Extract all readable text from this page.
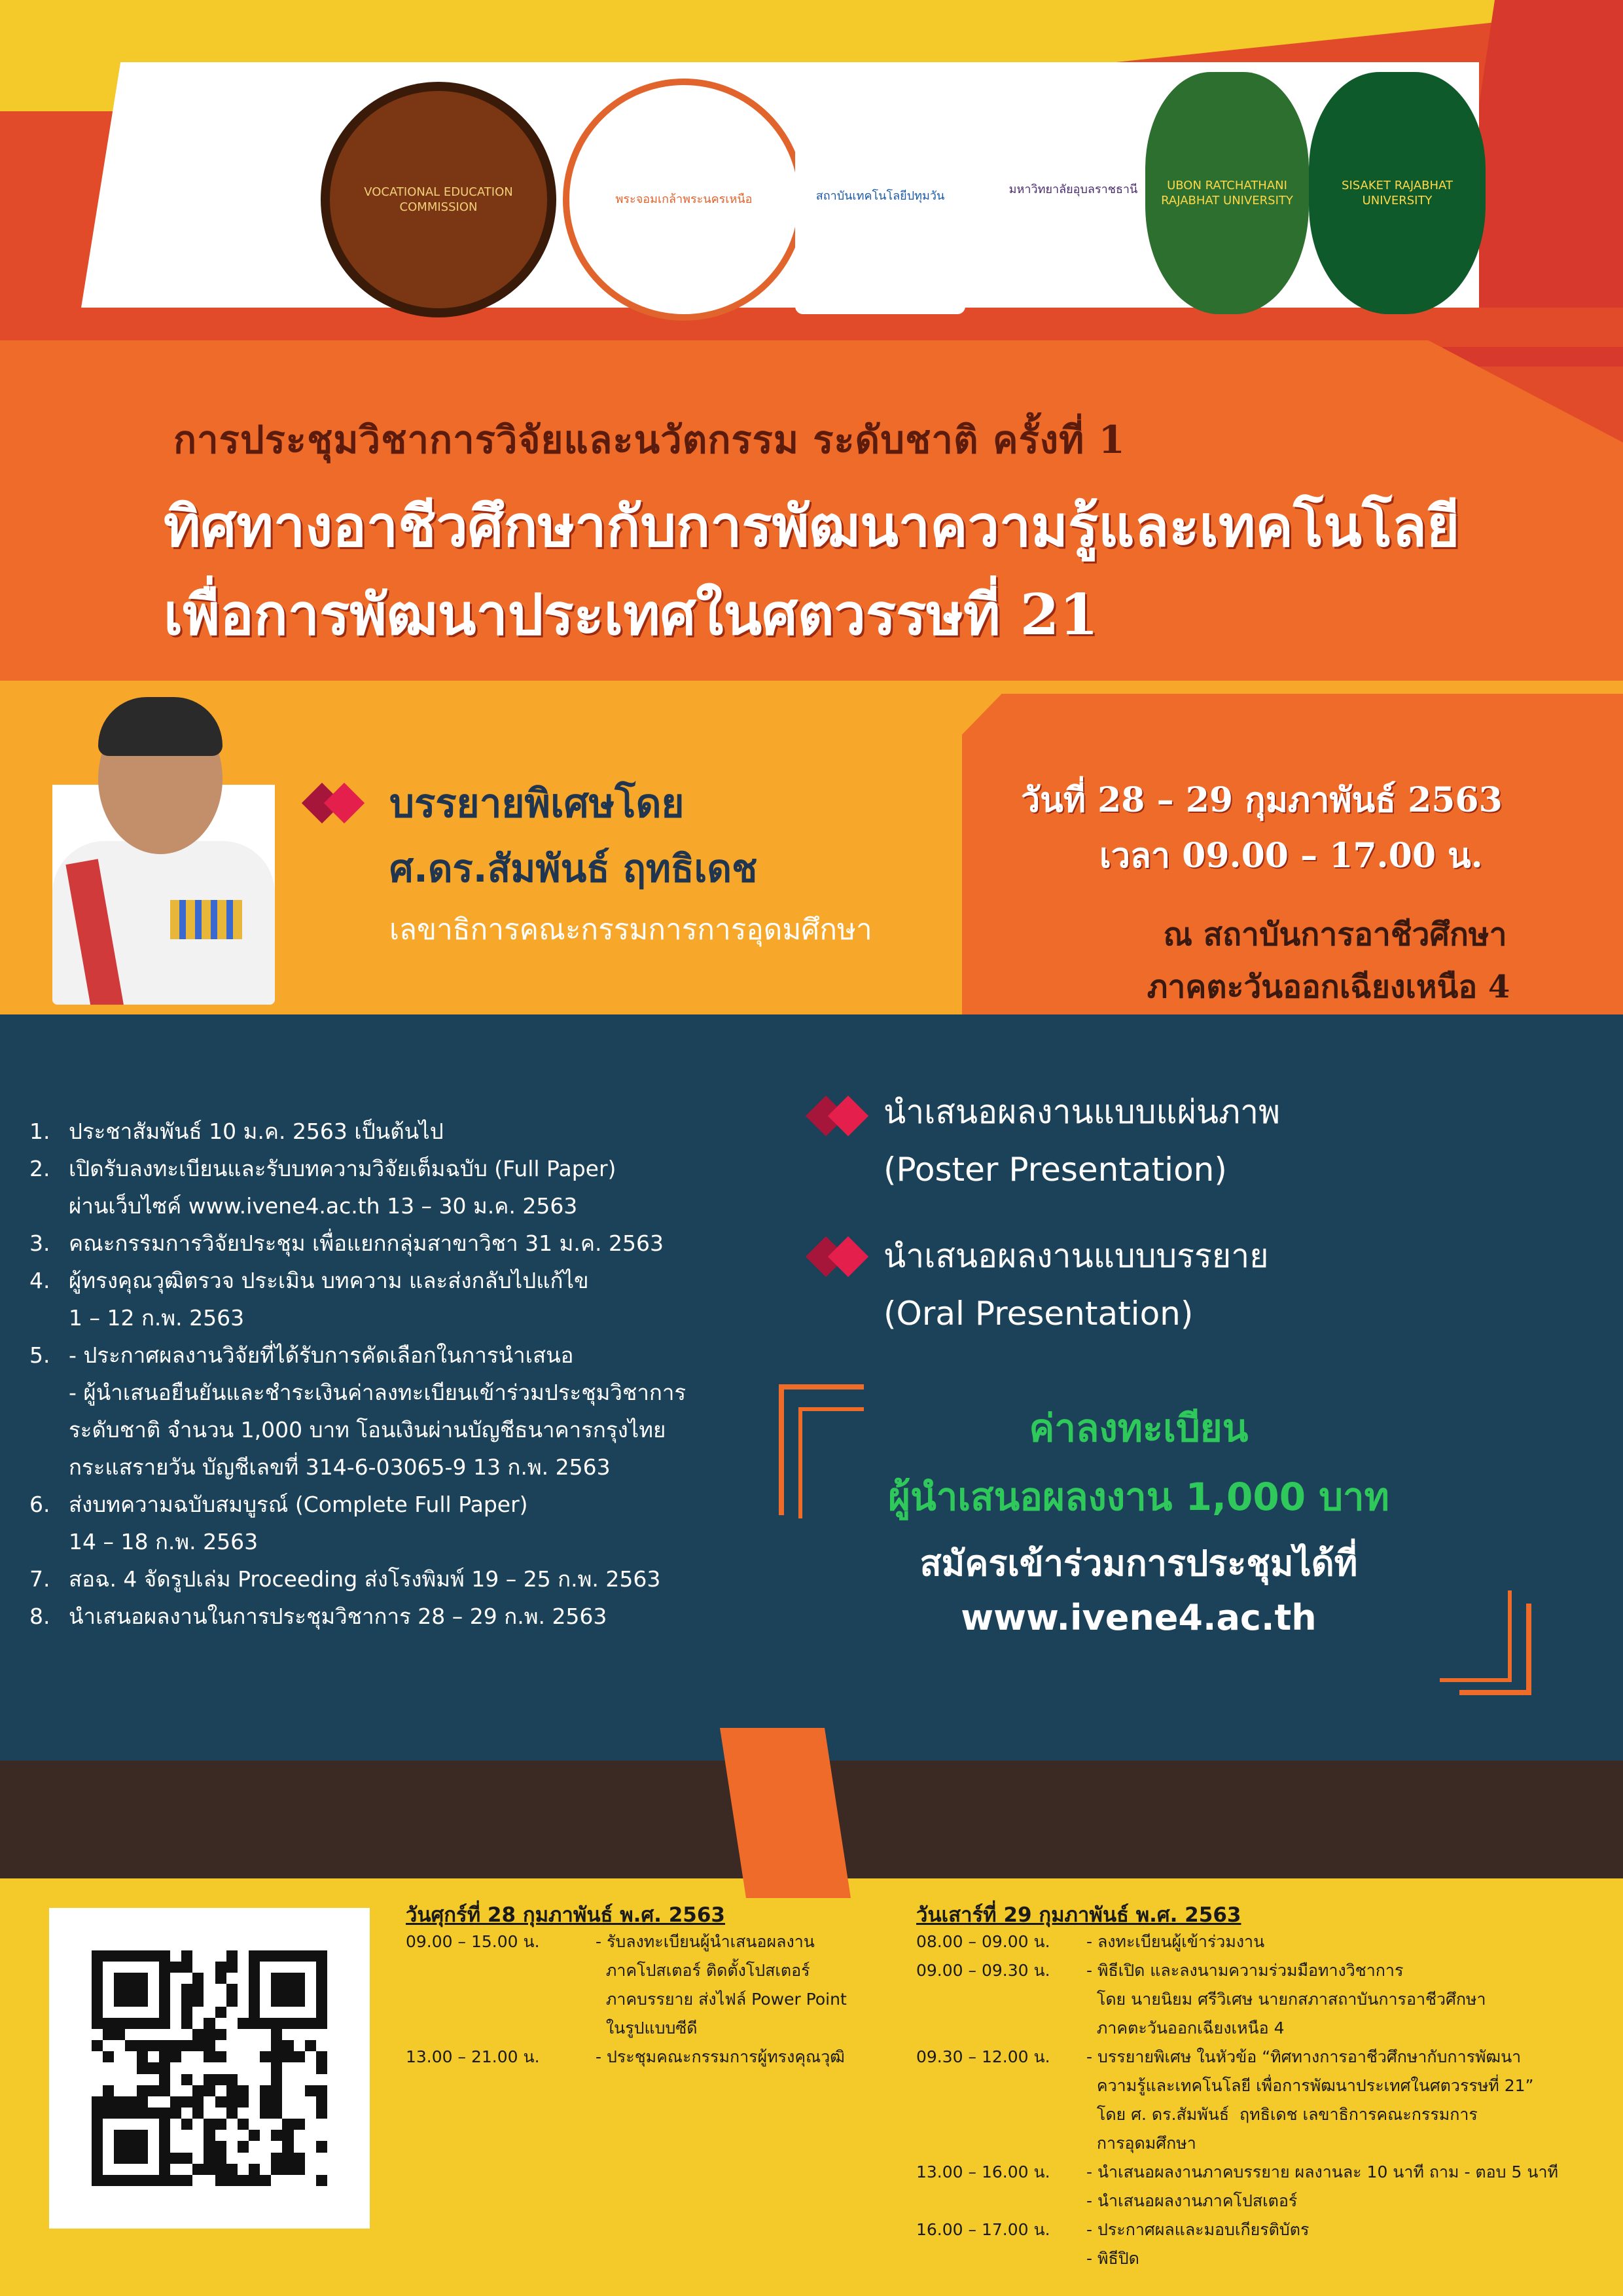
VOCATIONAL EDUCATION COMMISSION
พระจอมเกล้าพระนครเหนือ	สถาบันเทคโนโลยีปทุมวัน	มหาวิทยาลัยอุบลราชธานี	UBON RATCHATHANI RAJABHAT UNIVERSITY
SISAKET RAJABHAT UNIVERSITY
การประชุมวิชาการวิจัยและนวัตกรรม ระดับชาติ ครั้งที่ 1
ทิศทางอาชีวศึกษากับการพัฒนาความรู้และเทคโนโลยี
เพื่อการพัฒนาประเทศในศตวรรษที่ 21
บรรยายพิเศษโดย
ศ.ดร.สัมพันธ์ ฤทธิเดช
เลขาธิการคณะกรรมการการอุดมศึกษา
วันที่ 28 – 29 กุมภาพันธ์ 2563
เวลา 09.00 – 17.00 น.
ณ สถาบันการอาชีวศึกษา
ภาคตะวันออกเฉียงเหนือ 4
1. ประชาสัมพันธ์ 10 ม.ค. 2563 เป็นต้นไป
2. เปิดรับลงทะเบียนและรับบทความวิจัยเต็มฉบับ (Full Paper)
ผ่านเว็บไซค์ www.ivene4.ac.th 13 – 30 ม.ค. 2563
3. คณะกรรมการวิจัยประชุม เพื่อแยกกลุ่มสาขาวิชา 31 ม.ค. 2563
4. ผู้ทรงคุณวุฒิตรวจ ประเมิน บทความ และส่งกลับไปแก้ไข
1 – 12 ก.พ. 2563
5. - ประกาศผลงานวิจัยที่ได้รับการคัดเลือกในการนำเสนอ
- ผู้นำเสนอยืนยันและชำระเงินค่าลงทะเบียนเข้าร่วมประชุมวิชาการ
ระดับชาติ จำนวน 1,000 บาท โอนเงินผ่านบัญชีธนาคารกรุงไทย
กระแสรายวัน บัญชีเลขที่ 314-6-03065-9 13 ก.พ. 2563
6. ส่งบทความฉบับสมบูรณ์ (Complete Full Paper)
14 – 18 ก.พ. 2563
7. สอฉ. 4 จัดรูปเล่ม Proceeding ส่งโรงพิมพ์ 19 – 25 ก.พ. 2563
8. นำเสนอผลงานในการประชุมวิชาการ 28 – 29 ก.พ. 2563
นำเสนอผลงานแบบแผ่นภาพ
(Poster Presentation)
นำเสนอผลงานแบบบรรยาย
(Oral Presentation)
ค่าลงทะเบียน
ผู้นำเสนอผลงงาน 1,000 บาท
สมัครเข้าร่วมการประชุมได้ที่
www.ivene4.ac.th
วันศุกร์ที่ 28 กุมภาพันธ์ พ.ศ. 2563
09.00 – 15.00 น.	- รับลงทะเบียนผู้นำเสนอผลงาน
ภาคโปสเตอร์ ติดตั้งโปสเตอร์
ภาคบรรยาย ส่งไฟล์ Power Point
ในรูปแบบซีดี
13.00 – 21.00 น.	- ประชุมคณะกรรมการผู้ทรงคุณวุฒิ
วันเสาร์ที่ 29 กุมภาพันธ์ พ.ศ. 2563
08.00 – 09.00 น.	- ลงทะเบียนผู้เข้าร่วมงาน
09.00 – 09.30 น.	- พิธีเปิด และลงนามความร่วมมือทางวิชาการ
โดย นายนิยม ศรีวิเศษ นายกสภาสถาบันการอาชีวศึกษา
ภาคตะวันออกเฉียงเหนือ 4
09.30 – 12.00 น.	- บรรยายพิเศษ ในหัวข้อ “ทิศทางการอาชีวศึกษากับการพัฒนา
ความรู้และเทคโนโลยี เพื่อการพัฒนาประเทศในศตวรรษที่ 21”
โดย ศ. ดร.สัมพันธ์  ฤทธิเดช เลขาธิการคณะกรรมการ
การอุดมศึกษา
13.00 – 16.00 น.	- นำเสนอผลงานภาคบรรยาย ผลงานละ 10 นาที ถาม - ตอบ 5 นาที
- นำเสนอผลงานภาคโปสเตอร์
16.00 – 17.00 น.	- ประกาศผลและมอบเกียรติบัตร
- พิธีปิด
